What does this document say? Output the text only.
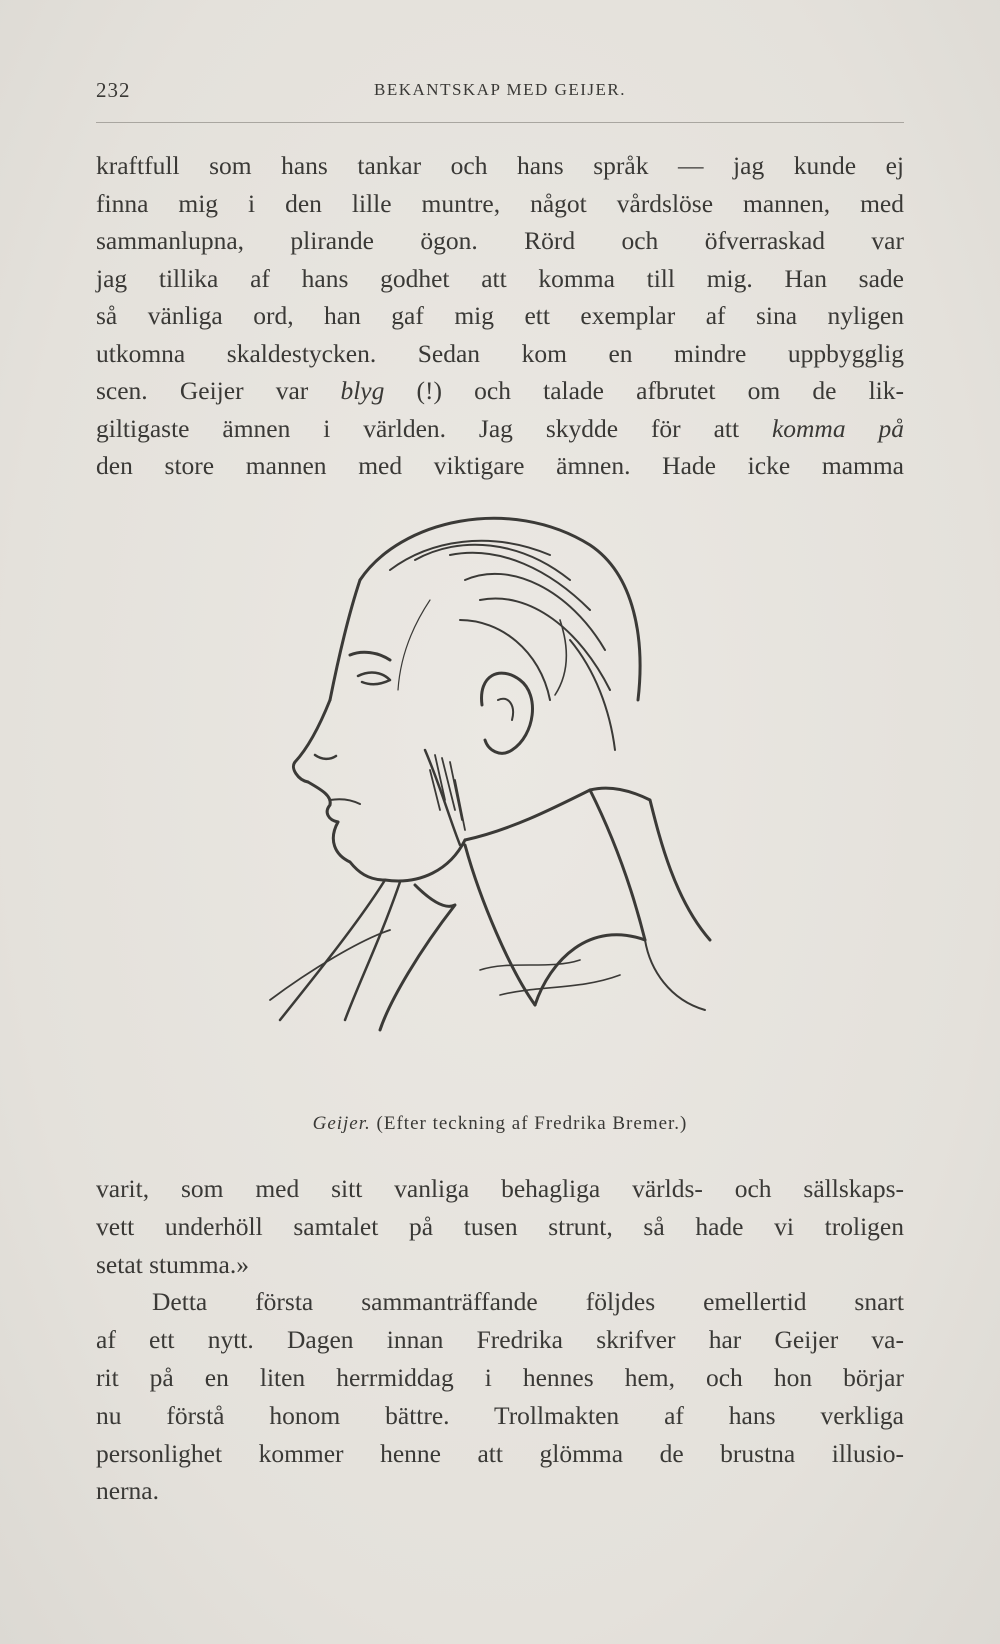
232	BEKANTSKAP MED GEIJER.
kraftfull som hans tankar och hans språk — jag kunde ej
finna mig i den lille muntre, något vårdslöse mannen, med
sammanlupna, plirande ögon. Rörd och öfverraskad var
jag tillika af hans godhet att komma till mig. Han sade
så vänliga ord, han gaf mig ett exemplar af sina nyligen
utkomna skaldestycken. Sedan kom en mindre uppbygglig
scen. Geijer var blyg (!) och talade afbrutet om de lik-
giltigaste ämnen i världen. Jag skydde för att komma på
den store mannen med viktigare ämnen. Hade icke mamma
Geijer. (Efter teckning af Fredrika Bremer.)
varit, som med sitt vanliga behagliga världs- och sällskaps-
vett underhöll samtalet på tusen strunt, så hade vi troligen
setat stumma.»
Detta första sammanträffande följdes emellertid snart
af ett nytt. Dagen innan Fredrika skrifver har Geijer va-
rit på en liten herrmiddag i hennes hem, och hon börjar
nu förstå honom bättre. Trollmakten af hans verkliga
personlighet kommer henne att glömma de brustna illusio-
nerna.
